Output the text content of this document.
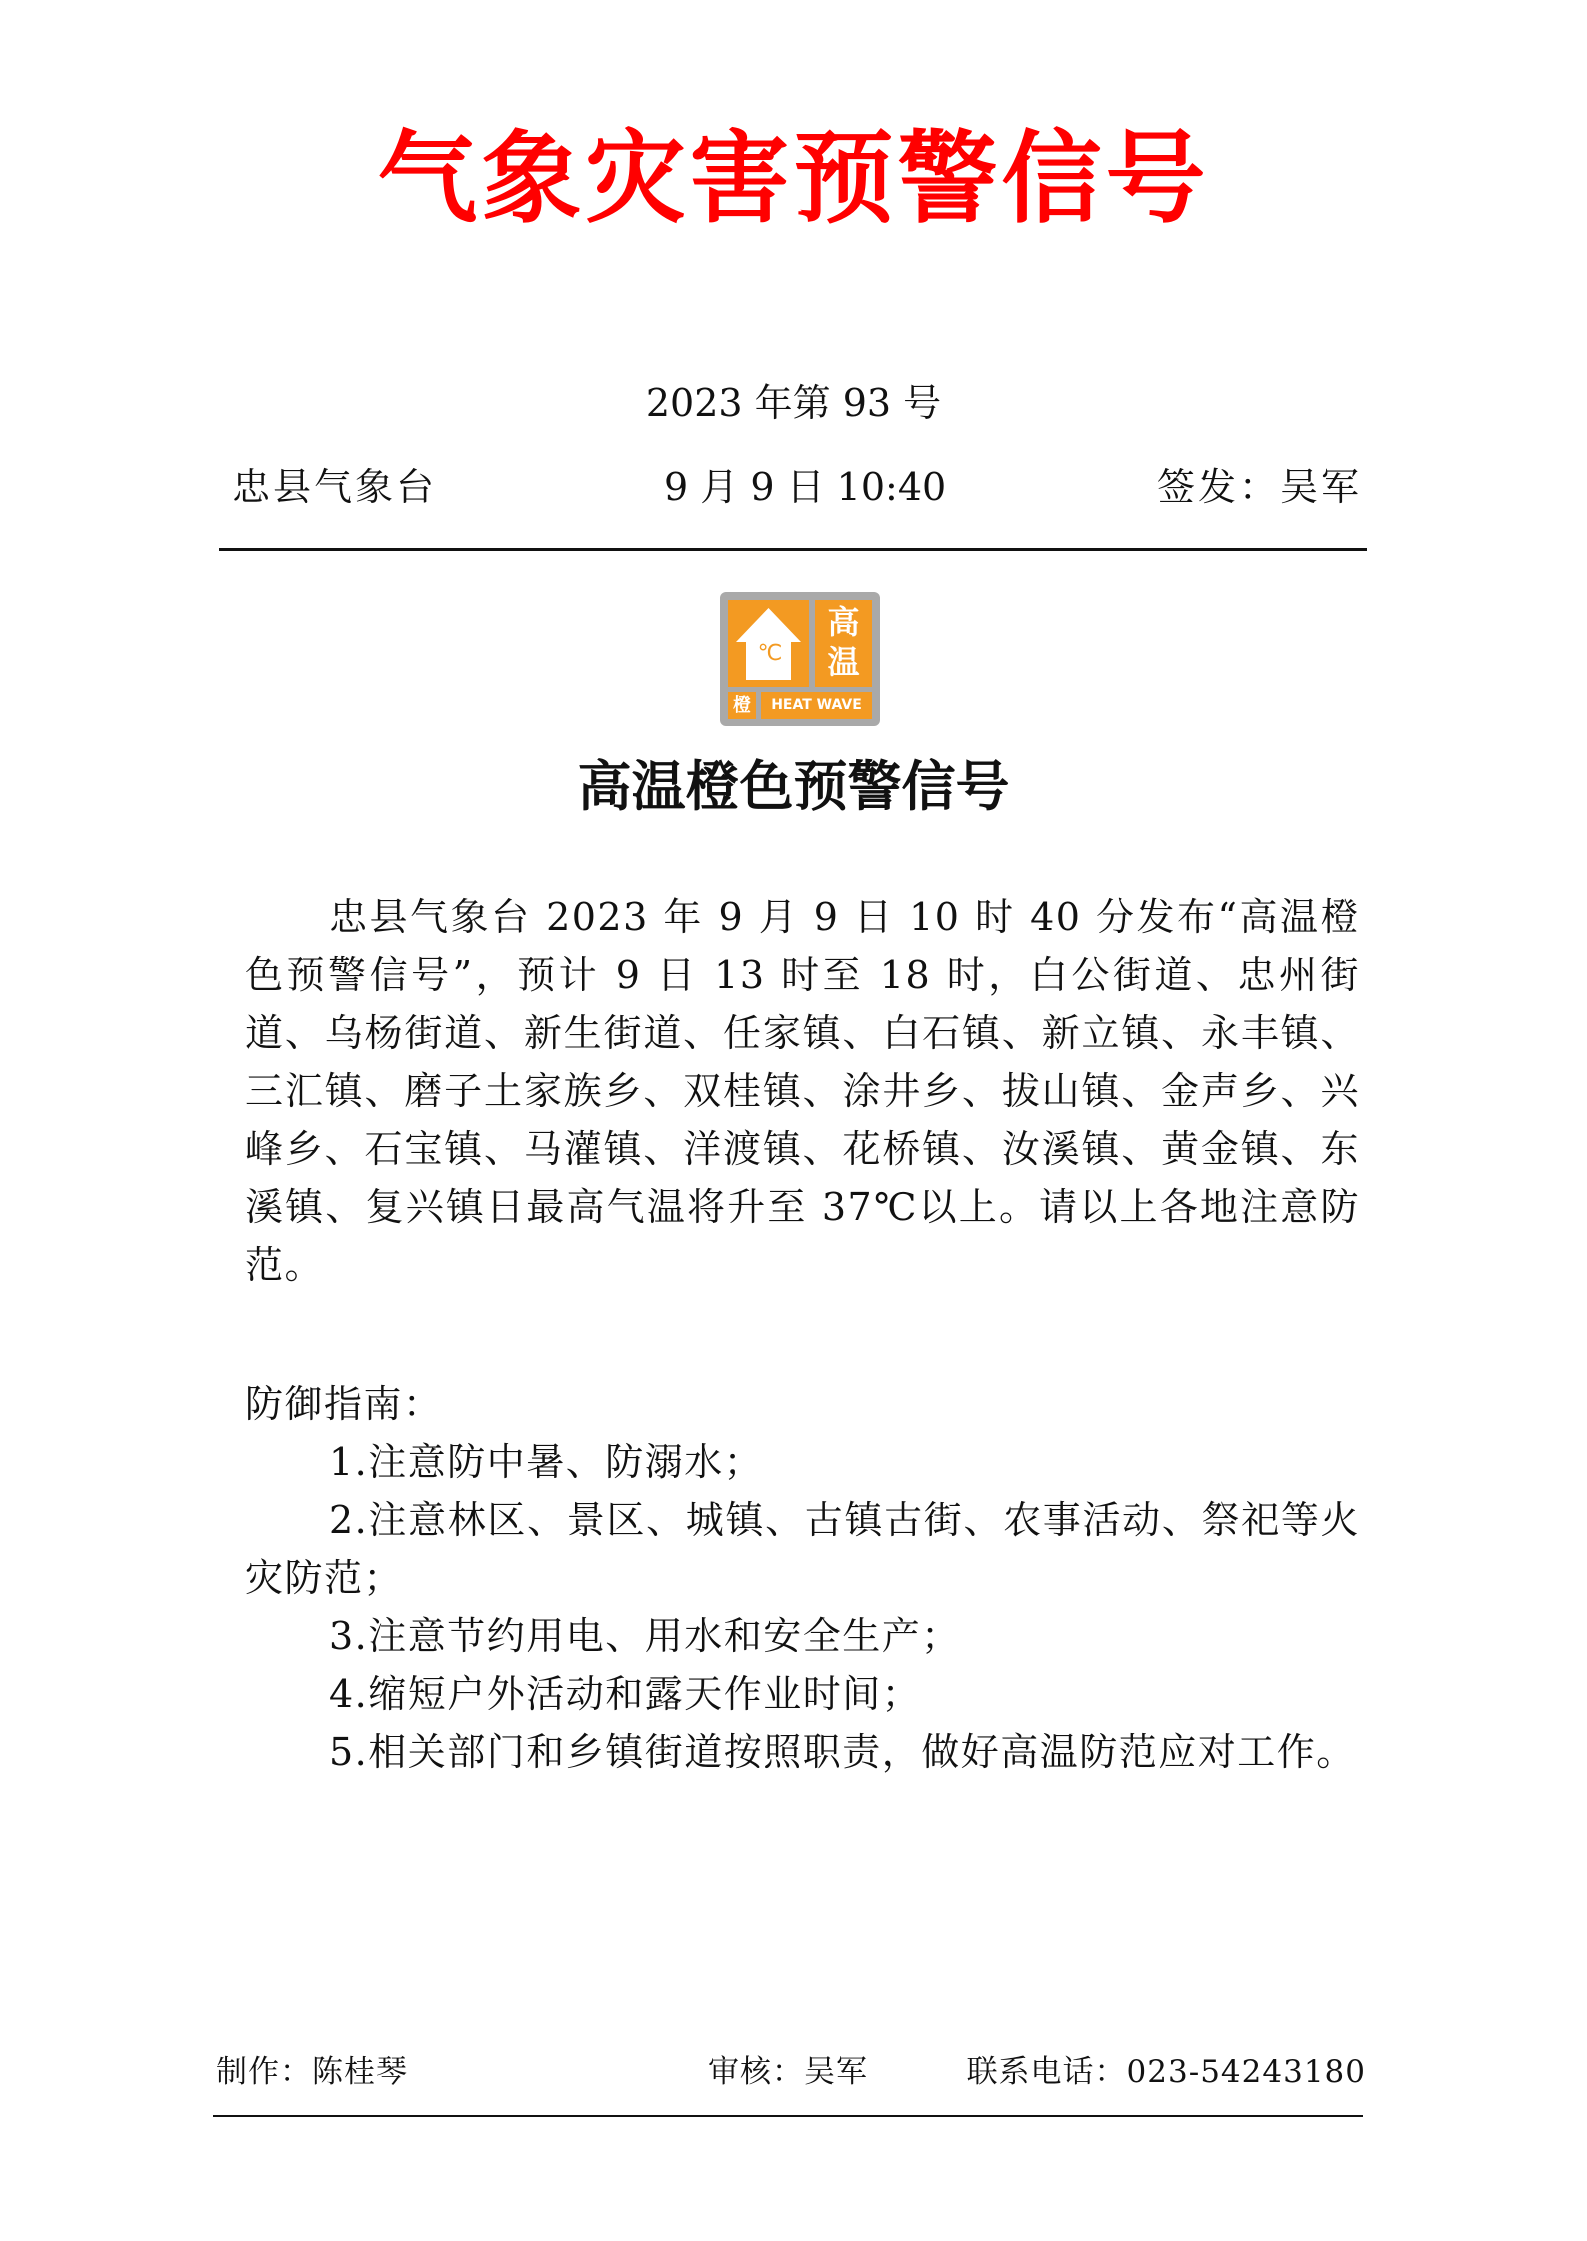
气象灾害预警信号
2023 年第 93 号
忠县气象台	9 月 9 日 10:40	签发：吴军
℃
高
温
橙	HEAT WAVE
高温橙色预警信号
忠县气象台 2023 年 9 月 9 日 10 时 40 分发布“高温橙色预警信号”，预计 9 日 13 时至 18 时，白公街道、忠州街道、乌杨街道、新生街道、任家镇、白石镇、新立镇、永丰镇、三汇镇、磨子土家族乡、双桂镇、涂井乡、拔山镇、金声乡、兴峰乡、石宝镇、马灌镇、洋渡镇、花桥镇、汝溪镇、黄金镇、东溪镇、复兴镇日最高气温将升至 37℃以上。请以上各地注意防范。

防御指南：

1.注意防中暑、防溺水；

2.注意林区、景区、城镇、古镇古街、农事活动、祭祀等火灾防范；

3.注意节约用电、用水和安全生产；

4.缩短户外活动和露天作业时间；

5.相关部门和乡镇街道按照职责，做好高温防范应对工作。

制作：陈桂琴	审核：吴军	联系电话：023-54243180
